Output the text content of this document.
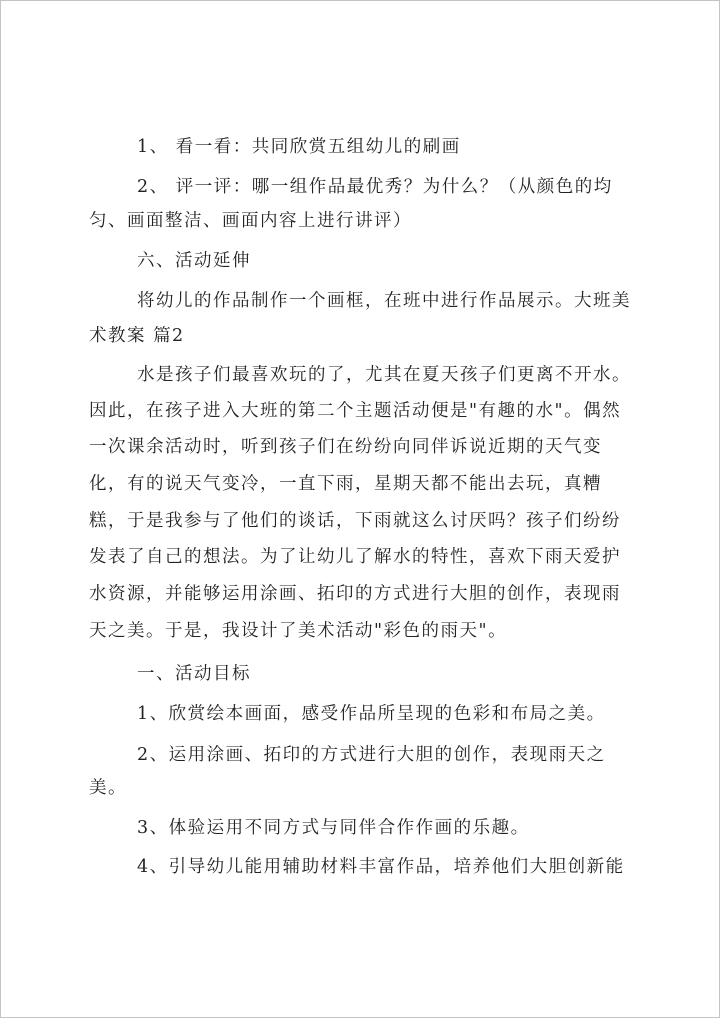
1、 看一看：共同欣赏五组幼儿的刷画
2、 评一评：哪一组作品最优秀？为什么？（从颜色的均
匀、画面整洁、画面内容上进行讲评）
六、活动延伸
将幼儿的作品制作一个画框，在班中进行作品展示。大班美
术教案 篇2
水是孩子们最喜欢玩的了，尤其在夏天孩子们更离不开水。
因此，在孩子进入大班的第二个主题活动便是"有趣的水"。偶然
一次课余活动时，听到孩子们在纷纷向同伴诉说近期的天气变
化，有的说天气变冷，一直下雨，星期天都不能出去玩，真糟
糕，于是我参与了他们的谈话，下雨就这么讨厌吗？孩子们纷纷
发表了自己的想法。为了让幼儿了解水的特性，喜欢下雨天爱护
水资源，并能够运用涂画、拓印的方式进行大胆的创作，表现雨
天之美。于是，我设计了美术活动"彩色的雨天"。
一、活动目标
1、欣赏绘本画面，感受作品所呈现的色彩和布局之美。
2、运用涂画、拓印的方式进行大胆的创作，表现雨天之
美。
3、体验运用不同方式与同伴合作作画的乐趣。
4、引导幼儿能用辅助材料丰富作品，培养他们大胆创新能
